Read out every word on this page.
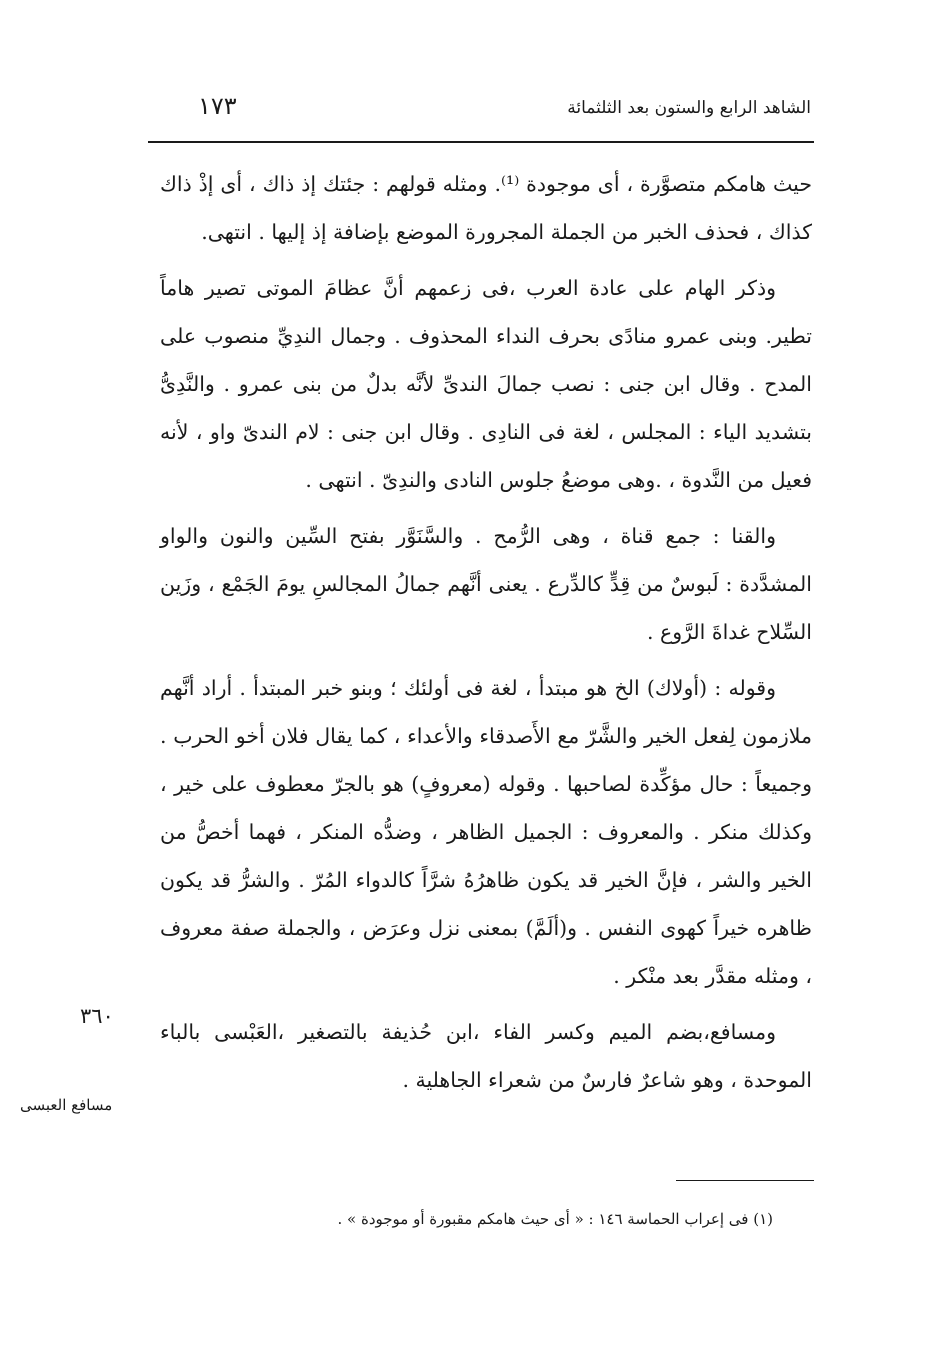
الشاهد الرابع والستون بعد الثلثمائة
١٧٣

حيث هامكم متصوَّرة ، أى موجودة ⁽¹⁾. ومثله قولهم : جئتك إذ ذاك ، أى إذْ ذاك كذاك ، فحذف الخبر من الجملة المجرورة الموضع بإضافة إذ إليها . انتهى.

وذكر الهام على عادة العرب ،فى زعمهم أنَّ عظامَ الموتى تصير هاماً تطير. وبنى عمرو منادًى بحرف النداء المحذوف . وجمال الندِيِّ منصوب على المدح . وقال ابن جنى : نصب جمالَ الندىِّ لأنَّه بدلٌ من بنى عمرو . والنَّدِىُّ بتشديد الياء : المجلس ، لغة فى النادِى . وقال ابن جنى : لام الندىّ واو ، لأنه فعيل من النَّدوة ، .وهى موضعُ جلوس النادى والندِىّ . انتهى .

والقنا : جمع قناة ، وهى الرُّمح . والسَّنَوَّر بفتح السِّين والنون والواو المشدَّدة : لَبوسٌ من قِدٍّ كالدِّرع . يعنى أنَّهم جمالُ المجالسِ يومَ الجَمْع ، وزَين السِّلاح غداةَ الرَّوع .

وقوله : (أولاك) الخ هو مبتدأ ، لغة فى أولئك ؛ وبنو خبر المبتدأ . أراد أنَّهم ملازمون لِفعل الخير والشَّرّ مع الأَصدقاء والأعداء ، كما يقال فلان أخو الحرب . وجميعاً : حال مؤكِّدة لصاحبها . وقوله (معروفٍ) هو بالجرّ معطوف على خير ، وكذلك منكر . والمعروف : الجميل الظاهر ، وضدُّه المنكر ، فهما أخصُّ من الخير والشر ، فإنَّ الخير قد يكون ظاهرُهُ شرَّاً كالدواء المُرّ . والشرُّ قد يكون ظاهره خيراً كهوى النفس . و(ألَمَّ) بمعنى نزل وعرَض ، والجملة صفة معروف ، ومثله مقدَّر بعد منْكر .

ومسافع،بضم الميم وكسر الفاء ،ابن حُذيفة بالتصغير ،العَبْسى بالباء الموحدة ، وهو شاعرٌ فارسٌ من شعراء الجاهلية .

٣٦٠
مسافع العبسى
(١) فى إعراب الحماسة ١٤٦ : « أى حيث هامكم مقبورة أو موجودة » .
